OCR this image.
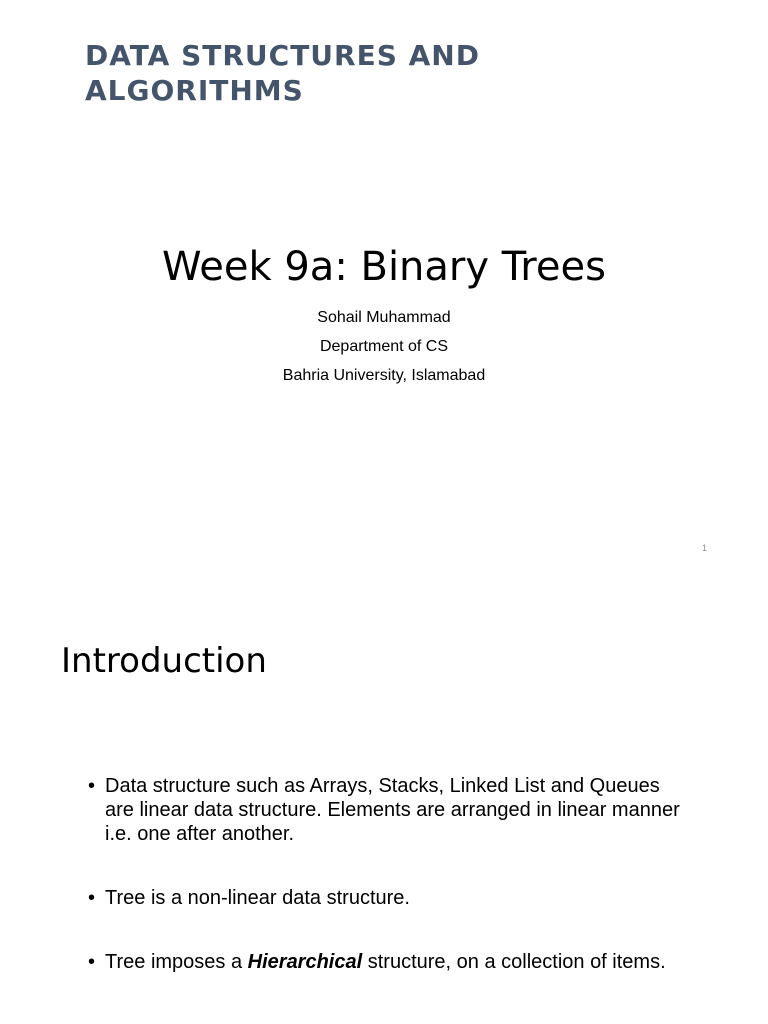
DATA STRUCTURES AND ALGORITHMS
Week 9a: Binary Trees
Sohail Muhammad
Department of CS
Bahria University, Islamabad
1
Introduction
• Data structure such as Arrays, Stacks, Linked List and Queues are linear data structure. Elements are arranged in linear manner i.e. one after another.
• Tree is a non-linear data structure.
• Tree imposes a Hierarchical structure, on a collection of items.
